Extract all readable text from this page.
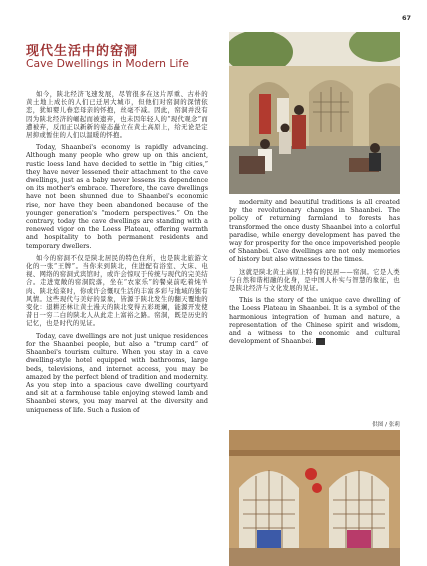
67
现代生活中的窑洞
Cave Dwellings in Modern Life

如今，陕北经济飞速发展，尽管很多在这片厚重、古朴的黄土地上成长的人们已迁居大城市，但他们对窑洞的深情依恋，犹如婴儿眷恋母亲的怀抱，丝毫不减。因此，窑洞并没有因为陕北经济的崛起而被遗弃，也未因年轻人的“现代观念”而遭被弃，反而正以新新的姿态矗立在黄土高原上，给无论是定居抑或暂住的人们以温暖的怀抱。

Today, Shaanbei's economy is rapidly advancing. Although many people who grew up on this ancient, rustic loess land have decided to settle in “big cities,” they have never lessened their attachment to the cave dwellings, just as a baby never lessens its dependence on its mother's embrace. Therefore, the cave dwellings have not been shunned due to Shaanbei's economic rise, nor have they been abandoned because of the younger generation's “modern perspectives.” On the contrary, today the cave dwellings are standing with a renewed vigor on the Loess Plateau, offering warmth and hospitality to both permanent residents and temporary dwellers.

如今的窑洞不仅是陕北居民的特色住所，也是陕北旅游文化的一张“王牌”。当你来到陕北，住进配有浴室、大床、电视、网络的窑洞式宾馆时，或许会惊叹于传统与现代的完美结合。走进宽敞的窑洞院落，坐在“农家乐”的餐桌前吃着炖羊肉、陕北烩菜时，你或许会慨叹生活的丰富多彩与地域的独有风情。这些现代与美好的景象，皆源于陕北发生的翻天覆地的变化：退耕还林让黄土漫天的陕北变得五彩斑斓，能源开发使昔日一穷二白的陕北人从此走上富裕之路。窑洞，既是历史的记忆，也是时代的见证。

Today, cave dwellings are not just unique residences for the Shaanbei people, but also a “trump card” of Shaanbei's tourism culture. When you stay in a cave dwelling-style hotel equipped with bathrooms, large beds, televisions, and internet access, you may be amazed by the perfect blend of tradition and modernity. As you step into a spacious cave dwelling courtyard and sit at a farmhouse table enjoying stewed lamb and Shaanbei stews, you may marvel at the diversity and uniqueness of life. Such a fusion of

modernity and beautiful traditions is all created by the revolutionary changes in Shaanbei. The policy of returning farmland to forests has transformed the once dusty Shaanbei into a colorful paradise, while energy development has paved the way for prosperity for the once impoverished people of Shaanbei. Cave dwellings are not only memories of history but also witnesses to the times.

这就是陕北黄土高原上特有的民居——窑洞。它是人类与自然和谐相融的化身，是中国人朴实与智慧的象征，也是陕北经济与文化发展的见证。

This is the story of the unique cave dwelling of the Loess Plateau in Shaanbei. It is a symbol of the harmonious integration of human and nature, a representation of the Chinese spirit and wisdom, and a witness to the economic and cultural development of Shaanbei.	■

供图 / 张莉
